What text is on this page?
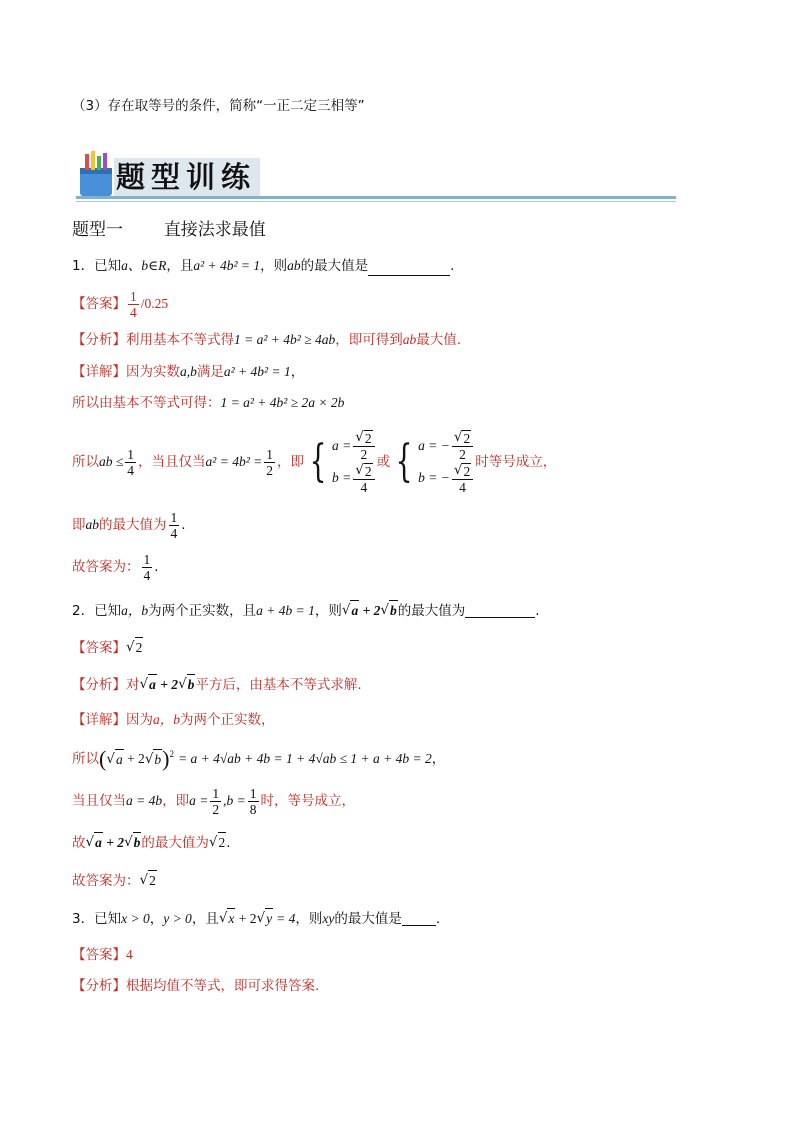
（3）存在取等号的条件，简称“一正二定三相等”
题型训练
题型一 直接法求最值
1．已知a、b∈R，且a² + 4b² = 1，则ab的最大值是	.
【答案】 $\frac{1}{4} /0.25$
【分析】利用基本不等式得1 = a² + 4b² ≥ 4ab，即可得到ab最大值.
【详解】因为实数a,b满足a² + 4b² = 1，
所以由基本不等式可得：1 = a² + 4b² ≥ 2a × 2b
所以 ab ≤ $\frac{1}{4}$ ，当且仅当 $a^2 = 4b^2 = \frac{1}{2}$ ，即 { $a = \frac{√ 2}{2}$
$b = \frac{√ 2}{4}$ 或 { a = − $\frac{√ 2}{2}$
b = − $\frac{√ 2}{4}$ 时等号成立，
即 ab 的最大值为 $\frac{1}{4}$ .
故答案为： $\frac{1}{4}$ .
2．已知 a，b 为两个正实数，且 a + 4b = 1 ，则 √ a + 2 √ b 的最大值为	.
【答案】 √ 2
【分析】 对 √ a + 2 √ b 平方后，由基本不等式求解.
【详解】因为a，b为两个正实数，
所以 ( √ a + 2 √ b )$^2$ = a + 4√ab + 4b = 1 + 4√ab ≤ 1 + a + 4b = 2 ，
当且仅当 a = 4b ，即 $a = \frac{1}{2} ,b = \frac{1}{8}$ 时，等号成立，
故 √ a + 2 √ b 的最大值为 √ 2 .
故答案为： √ 2
3．已知 x > 0 ， y > 0 ，且 √ x + 2 √ y = 4 ，则 xy 的最大值是	.
【答案】4
【分析】根据均值不等式，即可求得答案.
